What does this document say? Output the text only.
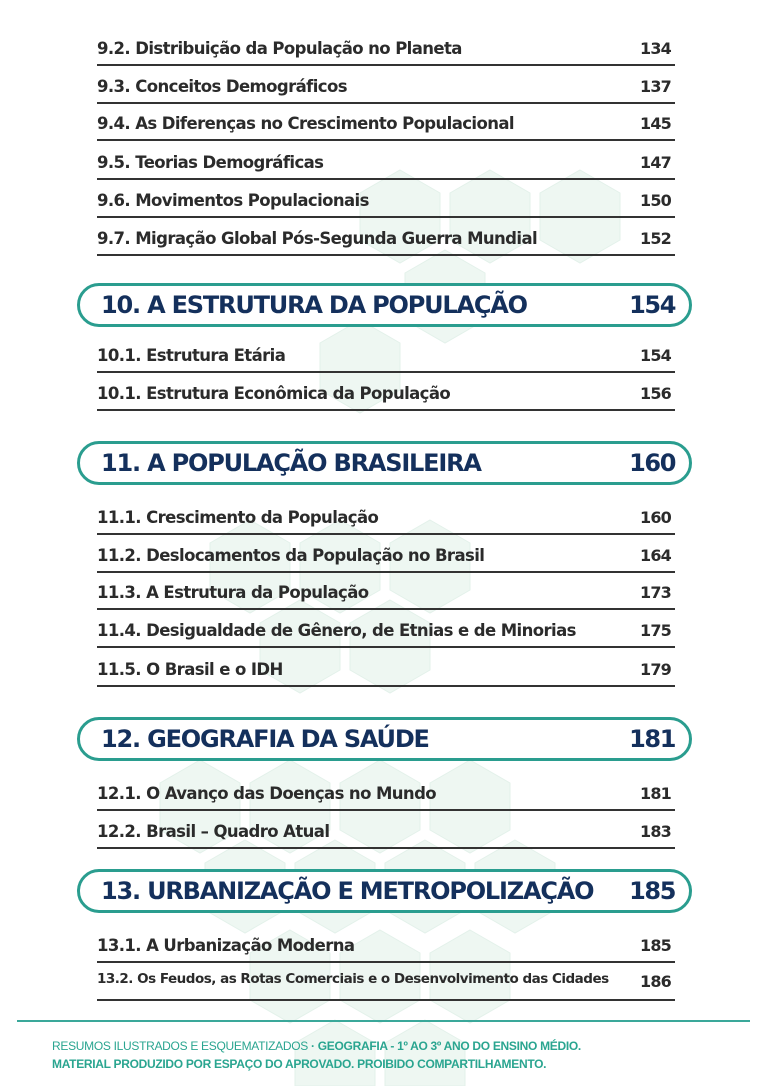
9.2. Distribuição da População no Planeta	134
9.3. Conceitos Demográficos	137
9.4. As Diferenças no Crescimento Populacional	145
9.5. Teorias Demográficas	147
9.6. Movimentos Populacionais	150
9.7. Migração Global Pós-Segunda Guerra Mundial	152
10. A ESTRUTURA DA POPULAÇÃO	154
10.1. Estrutura Etária	154
10.1. Estrutura Econômica da População	156
11. A POPULAÇÃO BRASILEIRA	160
11.1. Crescimento da População	160
11.2. Deslocamentos da População no Brasil	164
11.3. A Estrutura da População	173
11.4. Desigualdade de Gênero, de Etnias e de Minorias	175
11.5. O Brasil e o IDH	179
12. GEOGRAFIA DA SAÚDE	181
12.1. O Avanço das Doenças no Mundo	181
12.2. Brasil – Quadro Atual	183
13. URBANIZAÇÃO E METROPOLIZAÇÃO 185
13.1. A Urbanização Moderna	185
13.2. Os Feudos, as Rotas Comerciais e o Desenvolvimento das Cidades 186
RESUMOS ILUSTRADOS E ESQUEMATIZADOS · GEOGRAFIA - 1º AO 3º ANO DO ENSINO MÉDIO.
MATERIAL PRODUZIDO POR ESPAÇO DO APROVADO. PROIBIDO COMPARTILHAMENTO.
